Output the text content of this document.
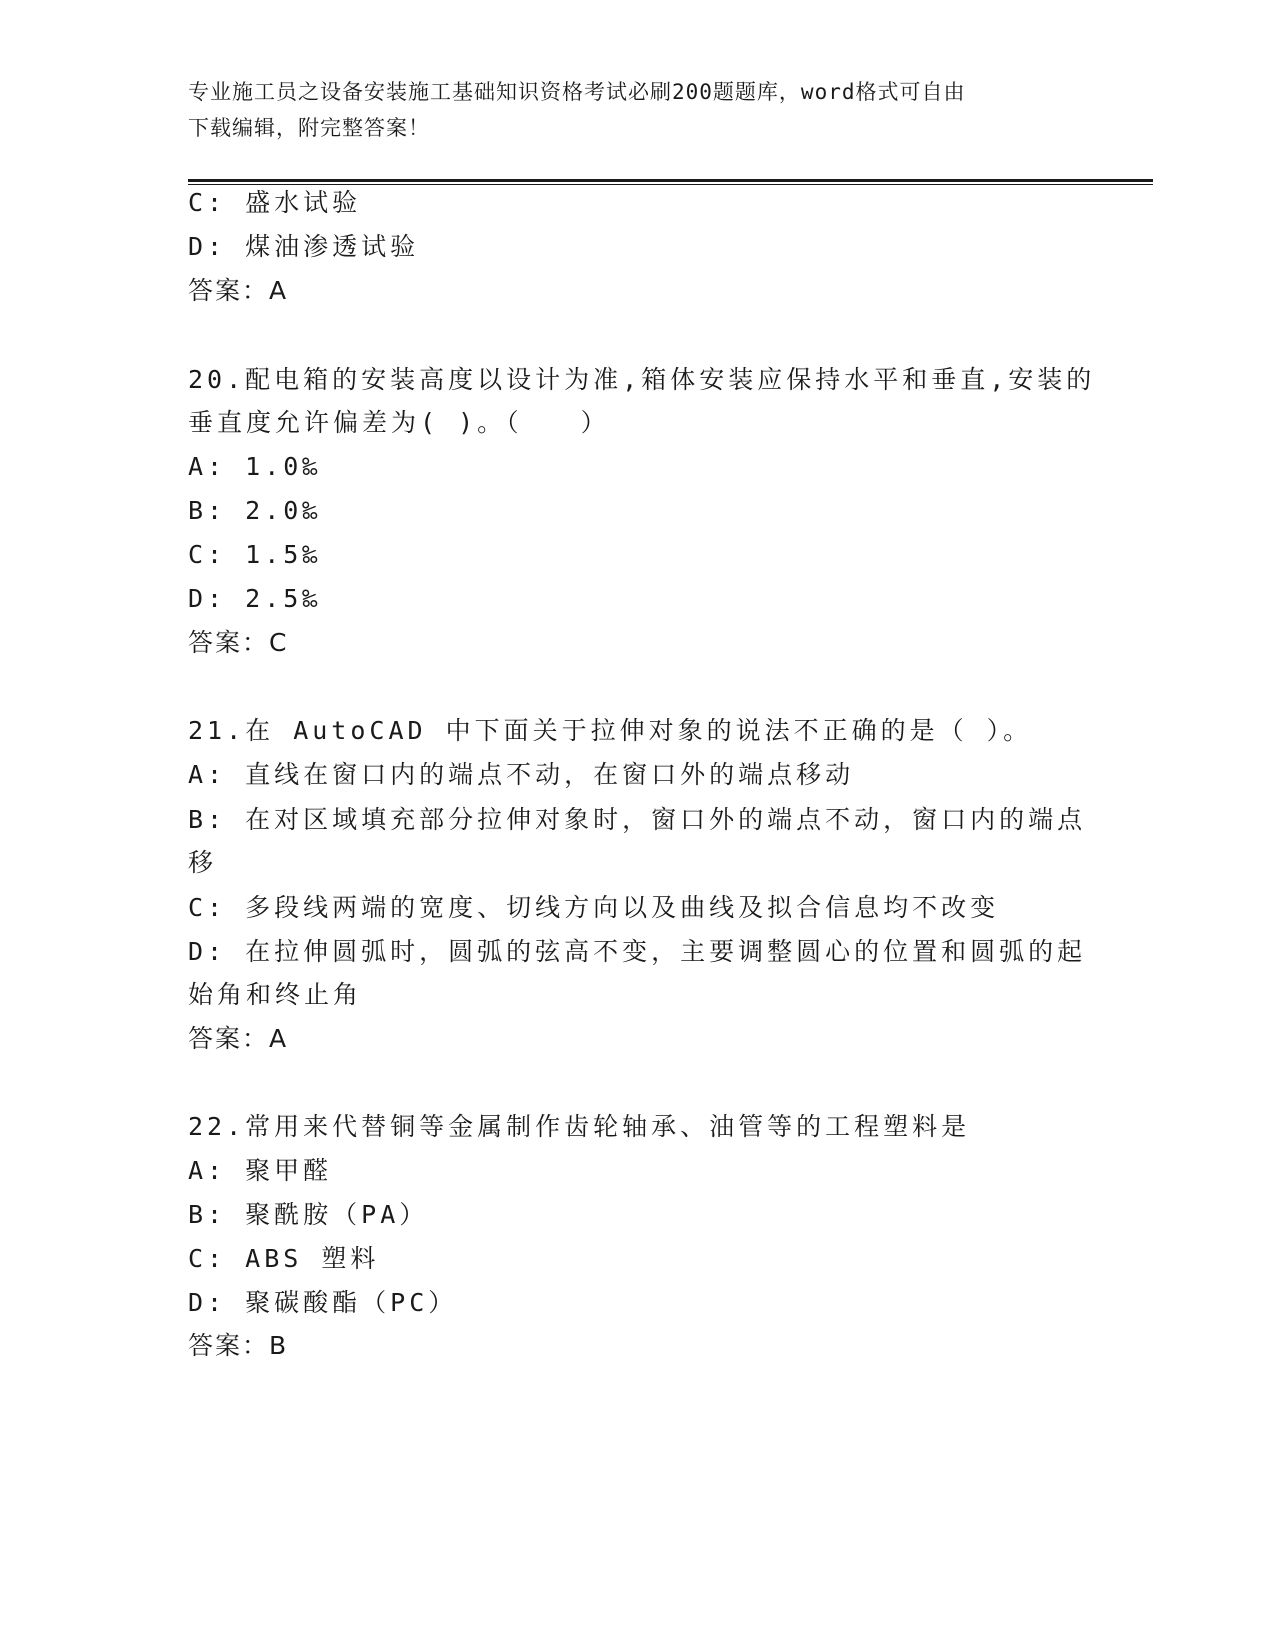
专业施工员之设备安装施工基础知识资格考试必刷200题题库，word格式可自由
下载编辑，附完整答案！
C: 盛水试验
D: 煤油渗透试验
答案：A
20.配电箱的安装高度以设计为准,箱体安装应保持水平和垂直,安装的
垂直度允许偏差为( )。（　　）
A: 1.0‰
B: 2.0‰
C: 1.5‰
D: 2.5‰
答案：C
21.在 AutoCAD 中下面关于拉伸对象的说法不正确的是（ ）。
A: 直线在窗口内的端点不动，在窗口外的端点移动
B: 在对区域填充部分拉伸对象时，窗口外的端点不动，窗口内的端点
移
C: 多段线两端的宽度、切线方向以及曲线及拟合信息均不改变
D: 在拉伸圆弧时，圆弧的弦高不变，主要调整圆心的位置和圆弧的起
始角和终止角
答案：A
22.常用来代替铜等金属制作齿轮轴承、油管等的工程塑料是
A: 聚甲醛
B: 聚酰胺（PA）
C: ABS 塑料
D: 聚碳酸酯（PC）
答案：B
